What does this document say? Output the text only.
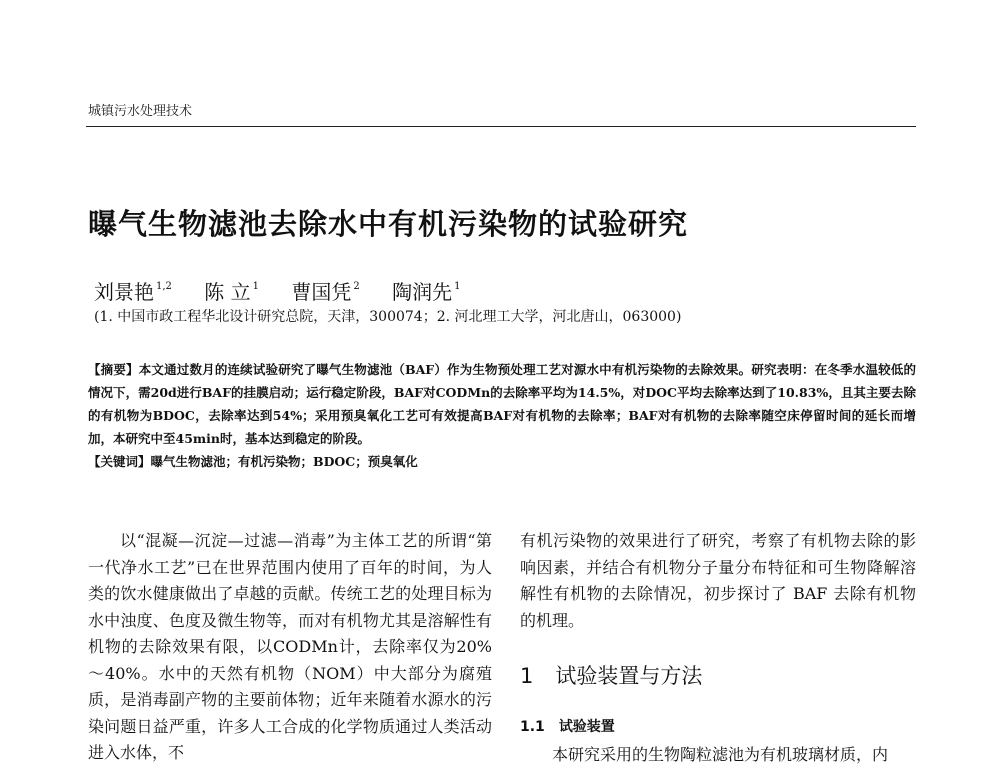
城镇污水处理技术
曝气生物滤池去除水中有机污染物的试验研究
刘景艳 $^{1,2}$ 陈 立 $^1$ 曹国凭 $^2$ 陶润先 $^1$
(1. 中国市政工程华北设计研究总院，天津，300074；2. 河北理工大学，河北唐山，063000)

【摘要】本文通过数月的连续试验研究了曝气生物滤池（BAF）作为生物预处理工艺对源水中有机污染物的去除效果。研究表明：在冬季水温较低的情况下，需20d进行BAF的挂膜启动；运行稳定阶段，BAF对CODMn的去除率平均为14.5%，对DOC平均去除率达到了10.83%，且其主要去除的有机物为BDOC，去除率达到54%；采用预臭氧化工艺可有效提高BAF对有机物的去除率；BAF对有机物的去除率随空床停留时间的延长而增加，本研究中至45min时，基本达到稳定的阶段。

【关键词】曝气生物滤池；有机污染物；BDOC；预臭氧化

以“混凝—沉淀—过滤—消毒”为主体工艺的所谓“第一代净水工艺”已在世界范围内使用了百年的时间，为人类的饮水健康做出了卓越的贡献。传统工艺的处理目标为水中浊度、色度及微生物等，而对有机物尤其是溶解性有机物的去除效果有限，以CODMn计，去除率仅为20%～40%。水中的天然有机物（NOM）中大部分为腐殖质，是消毒副产物的主要前体物；近年来随着水源水的污染问题日益严重，许多人工合成的化学物质通过人类活动进入水体，不

有机污染物的效果进行了研究，考察了有机物去除的影响因素，并结合有机物分子量分布特征和可生物降解溶解性有机物的去除情况，初步探讨了 BAF 去除有机物的机理。

1 试验装置与方法
1.1 试验装置
本研究采用的生物陶粒滤池为有机玻璃材质，内
